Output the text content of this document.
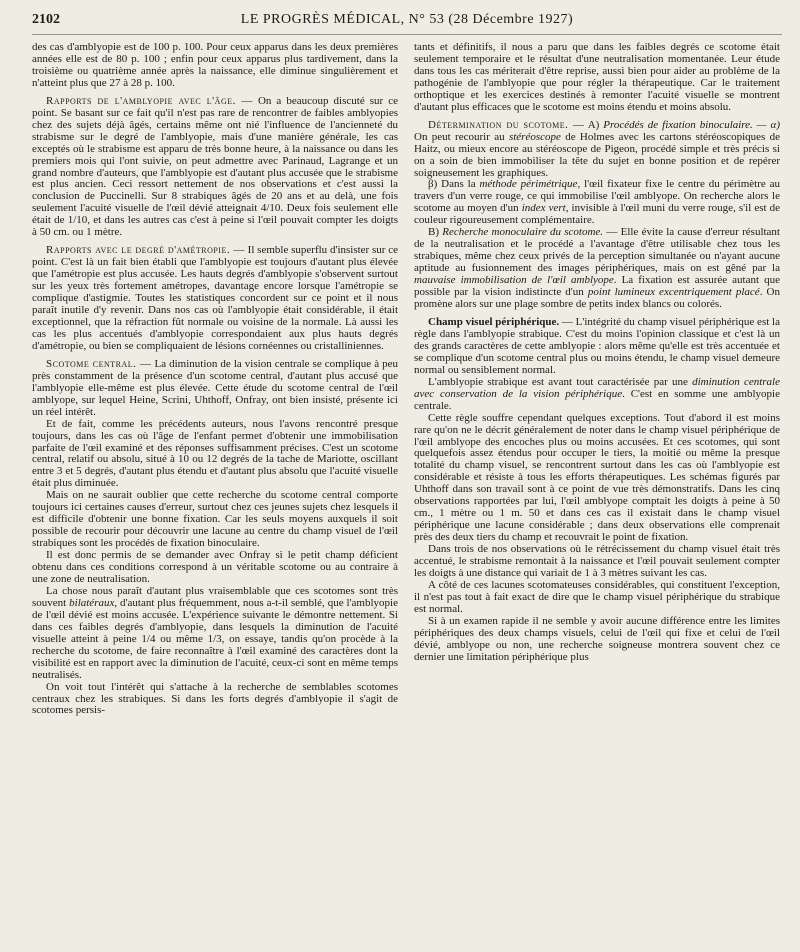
2102	LE PROGRÈS MÉDICAL, N° 53 (28 Décembre 1927)

des cas d'amblyopie est de 100 p. 100. Pour ceux apparus dans les deux premières années elle est de 80 p. 100 ; enfin pour ceux apparus plus tardivement, dans la troisième ou quatrième année après la naissance, elle diminue singulièrement et n'atteint plus que 27 à 28 p. 100.

Rapports de l'amblyopie avec l'âge. — On a beaucoup discuté sur ce point. Se basant sur ce fait qu'il n'est pas rare de rencontrer de faibles amblyopies chez des sujets déjà âgés, certains même ont nié l'influence de l'ancienneté du strabisme sur le degré de l'amblyopie, mais d'une manière générale, les cas exceptés où le strabisme est apparu de très bonne heure, à la naissance ou dans les premiers mois qui l'ont suivie, on peut admettre avec Parinaud, Lagrange et un grand nombre d'auteurs, que l'amblyopie est d'autant plus accusée que le strabisme est plus ancien. Ceci ressort nettement de nos observations et c'est aussi la conclusion de Puccinelli. Sur 8 strabiques âgés de 20 ans et au delà, une fois seulement l'acuité visuelle de l'œil dévié atteignait 4/10. Deux fois seulement elle était de 1/10, et dans les autres cas c'est à peine si l'œil pouvait compter les doigts à 50 cm. ou 1 mètre.

Rapports avec le degré d'amétropie. — Il semble superflu d'insister sur ce point. C'est là un fait bien établi que l'amblyopie est toujours d'autant plus élevée que l'amétropie est plus accusée. Les hauts degrés d'amblyopie s'observent surtout sur les yeux très fortement amétropes, davantage encore lorsque l'amétropie se complique d'astigmie. Toutes les statistiques concordent sur ce point et il nous paraît inutile d'y revenir. Dans nos cas où l'amblyopie était considérable, il était exceptionnel, que la réfraction fût normale ou voisine de la normale. Là aussi les cas les plus accentués d'amblyopie correspondaient aux plus hauts degrés d'amétropie, ou bien se compliquaient de lésions cornéennes ou cristalliniennes.

Scotome central. — La diminution de la vision centrale se complique à peu près constamment de la présence d'un scotome central, d'autant plus accusé que l'amblyopie elle-même est plus élevée. Cette étude du scotome central de l'œil amblyope, sur lequel Heine, Scrini, Uhthoff, Onfray, ont bien insisté, présente ici un réel intérêt.

Et de fait, comme les précédents auteurs, nous l'avons rencontré presque toujours, dans les cas où l'âge de l'enfant permet d'obtenir une immobilisation parfaite de l'œil examiné et des réponses suffisamment précises. C'est un scotome central, relatif ou absolu, situé à 10 ou 12 degrés de la tache de Mariotte, oscillant entre 3 et 5 degrés, d'autant plus étendu et d'autant plus absolu que l'acuité visuelle était plus diminuée.

Mais on ne saurait oublier que cette recherche du scotome central comporte toujours ici certaines causes d'erreur, surtout chez ces jeunes sujets chez lesquels il est difficile d'obtenir une bonne fixation. Car les seuls moyens auxquels il soit possible de recourir pour découvrir une lacune au centre du champ visuel de l'œil strabiques sont les procédés de fixation binoculaire.

Il est donc permis de se demander avec Onfray si le petit champ déficient obtenu dans ces conditions correspond à un véritable scotome ou au contraire à une zone de neutralisation.

La chose nous paraît d'autant plus vraisemblable que ces scotomes sont très souvent bilatéraux, d'autant plus fréquemment, nous a-t-il semblé, que l'amblyopie de l'œil dévié est moins accusée. L'expérience suivante le démontre nettement. Si dans ces faibles degrés d'amblyopie, dans lesquels la diminution de l'acuité visuelle atteint à peine 1/4 ou même 1/3, on essaye, tandis qu'on procède à la recherche du scotome, de faire reconnaître à l'œil examiné des caractères dont la visibilité est en rapport avec la diminution de l'acuité, ceux-ci sont en même temps neutralisés.

On voit tout l'intérêt qui s'attache à la recherche de semblables scotomes centraux chez les strabiques. Si dans les forts degrés d'amblyopie il s'agit de scotomes persis-

tants et définitifs, il nous a paru que dans les faibles degrés ce scotome était seulement temporaire et le résultat d'une neutralisation momentanée. Leur étude dans tous les cas mériterait d'être reprise, aussi bien pour aider au problème de la pathogénie de l'amblyopie que pour régler la thérapeutique. Car le traitement orthoptique et les exercices destinés à remonter l'acuité visuelle se montrent d'autant plus efficaces que le scotome est moins étendu et moins absolu.

Détermination du scotome. — A) Procédés de fixation binoculaire. — α) On peut recourir au stéréoscope de Holmes avec les cartons stéréoscopiques de Haitz, ou mieux encore au stéréoscope de Pigeon, procédé simple et très précis si on a soin de bien immobiliser la tête du sujet en bonne position et de repérer soigneusement les graphiques.

β) Dans la méthode périmétrique, l'œil fixateur fixe le centre du périmètre au travers d'un verre rouge, ce qui immobilise l'œil amblyope. On recherche alors le scotome au moyen d'un index vert, invisible à l'œil muni du verre rouge, s'il est de couleur rigoureusement complémentaire.

B) Recherche monoculaire du scotome. — Elle évite la cause d'erreur résultant de la neutralisation et le procédé a l'avantage d'être utilisable chez tous les strabiques, même chez ceux privés de la perception simultanée ou n'ayant aucune aptitude au fusionnement des images périphériques, mais on est gêné par la mauvaise immobilisation de l'œil amblyope. La fixation est assurée autant que possible par la vision indistincte d'un point lumineux excentriquement placé. On promène alors sur une plage sombre de petits index blancs ou colorés.

Champ visuel périphérique. — L'intégrité du champ visuel périphérique est la règle dans l'amblyopie strabique. C'est du moins l'opinion classique et c'est là un des grands caractères de cette amblyopie : alors même qu'elle est très accentuée et se complique d'un scotome central plus ou moins étendu, le champ visuel demeure normal ou sensiblement normal.

L'amblyopie strabique est avant tout caractérisée par une diminution centrale avec conservation de la vision périphérique. C'est en somme une amblyopie centrale.

Cette règle souffre cependant quelques exceptions. Tout d'abord il est moins rare qu'on ne le décrit généralement de noter dans le champ visuel périphérique de l'œil amblyope des encoches plus ou moins accusées. Et ces scotomes, qui sont quelquefois assez étendus pour occuper le tiers, la moitié ou même la presque totalité du champ visuel, se rencontrent surtout dans les cas où l'amblyopie est considérable et résiste à tous les efforts thérapeutiques. Les schémas figurés par Uhthoff dans son travail sont à ce point de vue très démonstratifs. Dans les cinq observations rapportées par lui, l'œil amblyope comptait les doigts à peine à 50 cm., 1 mètre ou 1 m. 50 et dans ces cas il existait dans le champ visuel périphérique une lacune considérable ; dans deux observations elle comprenait près des deux tiers du champ et recouvrait le point de fixation.

Dans trois de nos observations où le rétrécissement du champ visuel était très accentué, le strabisme remontait à la naissance et l'œil pouvait seulement compter les doigts à une distance qui variait de 1 à 3 mètres suivant les cas.

A côté de ces lacunes scotomateuses considérables, qui constituent l'exception, il n'est pas tout à fait exact de dire que le champ visuel périphérique du strabique est normal.

Si à un examen rapide il ne semble y avoir aucune différence entre les limites périphériques des deux champs visuels, celui de l'œil qui fixe et celui de l'œil dévié, amblyope ou non, une recherche soigneuse montrera souvent chez ce dernier une limitation périphérique plus
